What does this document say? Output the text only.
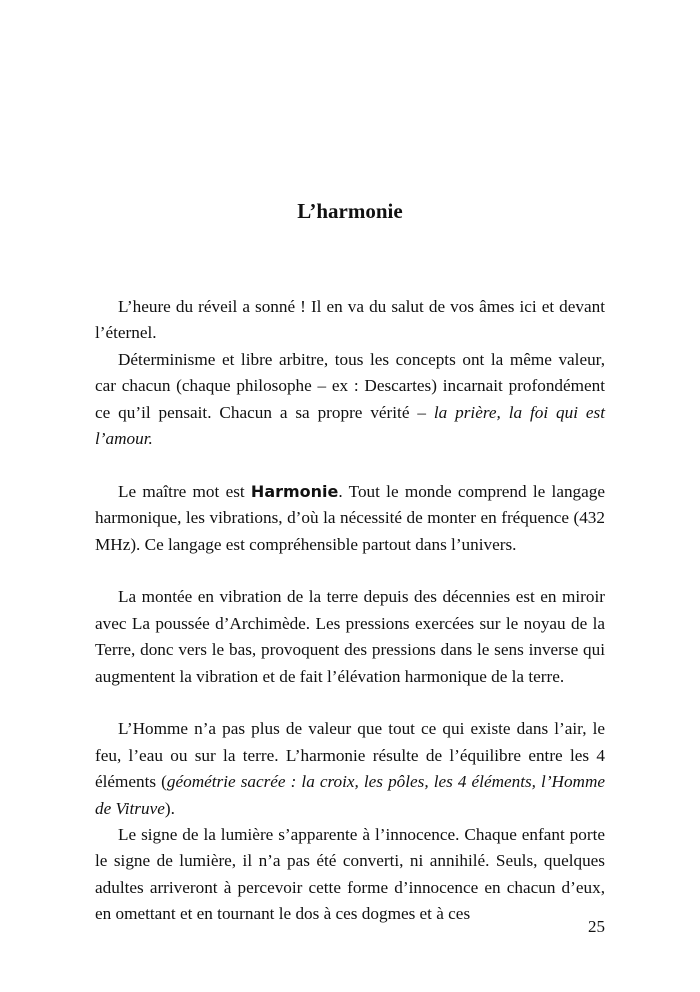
L’harmonie

L’heure du réveil a sonné ! Il en va du salut de vos âmes ici et devant l’éternel.

Déterminisme et libre arbitre, tous les concepts ont la même valeur, car chacun (chaque philosophe – ex : Descartes) incarnait profondément ce qu’il pensait. Chacun a sa propre vérité – la prière, la foi qui est l’amour.

Le maître mot est Harmonie. Tout le monde comprend le langage harmonique, les vibrations, d’où la nécessité de monter en fréquence (432 MHz). Ce langage est compréhensible partout dans l’univers.

La montée en vibration de la terre depuis des décennies est en miroir avec La poussée d’Archimède. Les pressions exercées sur le noyau de la Terre, donc vers le bas, provoquent des pressions dans le sens inverse qui augmentent la vibration et de fait l’élévation harmonique de la terre.

L’Homme n’a pas plus de valeur que tout ce qui existe dans l’air, le feu, l’eau ou sur la terre. L’harmonie résulte de l’équilibre entre les 4 éléments (géométrie sacrée : la croix, les pôles, les 4 éléments, l’Homme de Vitruve).

Le signe de la lumière s’apparente à l’innocence. Chaque enfant porte le signe de lumière, il n’a pas été converti, ni annihilé. Seuls, quelques adultes arriveront à percevoir cette forme d’innocence en chacun d’eux, en omettant et en tournant le dos à ces dogmes et à ces

25
